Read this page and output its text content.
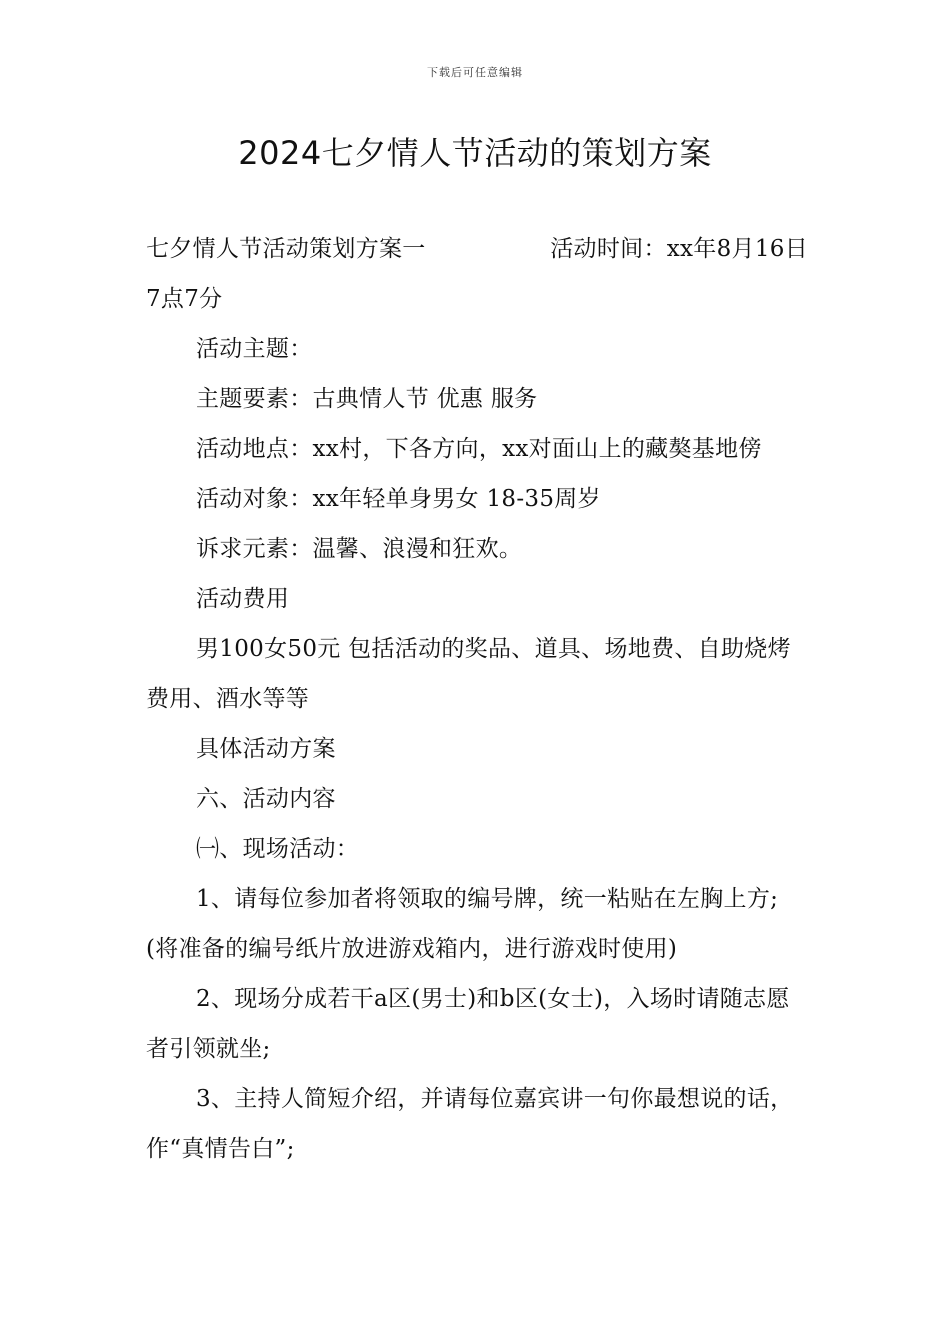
下载后可任意编辑
2024七夕情人节活动的策划方案
七夕情人节活动策划方案一	活动时间：xx年8月16日

7点7分

活动主题：

主题要素：古典情人节 优惠 服务

活动地点：xx村，下各方向，xx对面山上的藏獒基地傍

活动对象：xx年轻单身男女 18-35周岁

诉求元素：温馨、浪漫和狂欢。

活动费用

男100女50元 包括活动的奖品、道具、场地费、自助烧烤费用、酒水等等

具体活动方案

六、活动内容

㈠、现场活动：

1、请每位参加者将领取的编号牌，统一粘贴在左胸上方;(将准备的编号纸片放进游戏箱内，进行游戏时使用)

2、现场分成若干a区(男士)和b区(女士)，入场时请随志愿者引领就坐;

3、主持人简短介绍，并请每位嘉宾讲一句你最想说的话，作“真情告白”;
